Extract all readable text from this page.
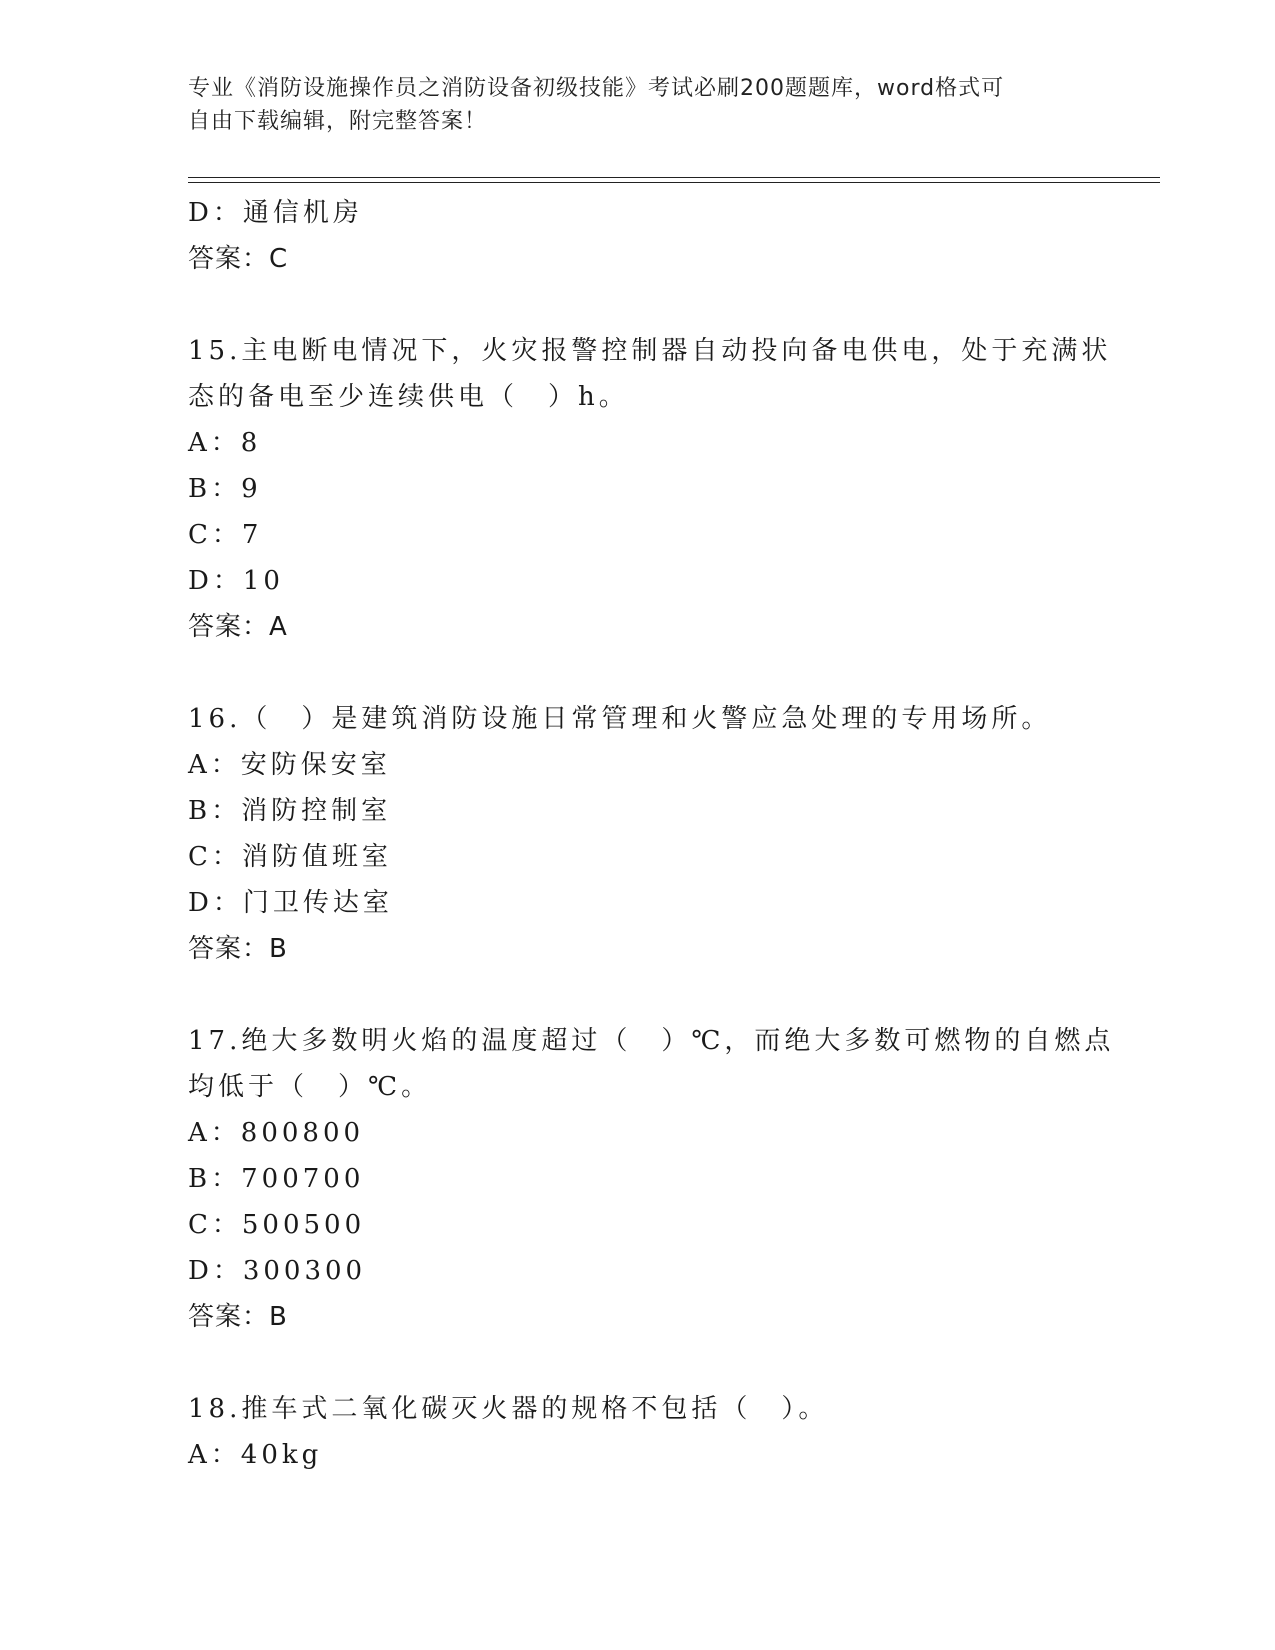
专业《消防设施操作员之消防设备初级技能》考试必刷200题题库，word格式可
自由下载编辑，附完整答案！
D：通信机房
答案：C
15.主电断电情况下，火灾报警控制器自动投向备电供电，处于充满状
态的备电至少连续供电（　）h。
A：8
B：9
C：7
D：10
答案：A
16.（　）是建筑消防设施日常管理和火警应急处理的专用场所。
A：安防保安室
B：消防控制室
C：消防值班室
D：门卫传达室
答案：B
17.绝大多数明火焰的温度超过（　）℃，而绝大多数可燃物的自燃点
均低于（　）℃。
A：800800
B：700700
C：500500
D：300300
答案：B
18.推车式二氧化碳灭火器的规格不包括（　）。
A：40kg
